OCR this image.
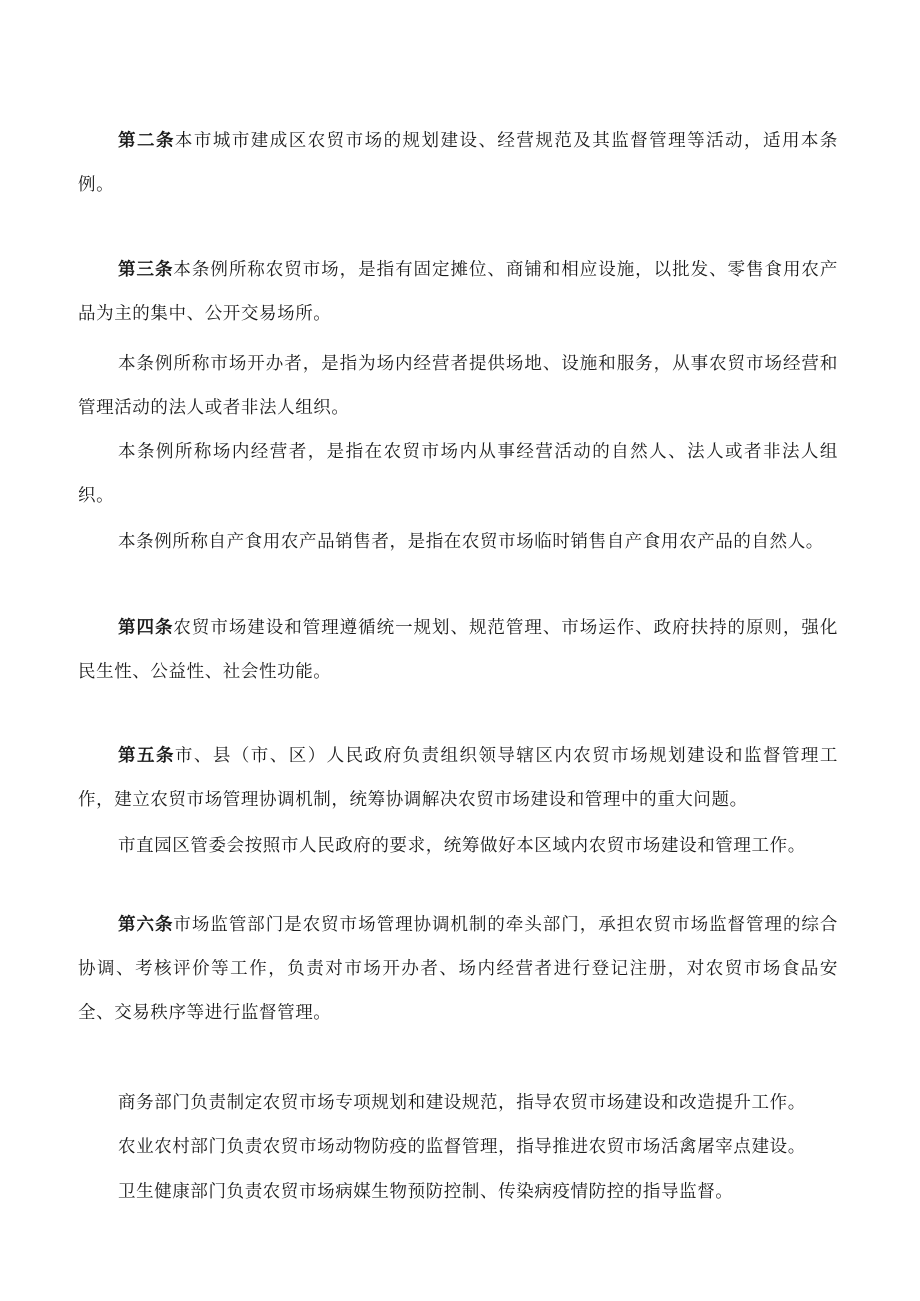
第二条本市城市建成区农贸市场的规划建设、经营规范及其监督管理等活动，适用本条例。

第三条本条例所称农贸市场，是指有固定摊位、商铺和相应设施，以批发、零售食用农产品为主的集中、公开交易场所。

本条例所称市场开办者，是指为场内经营者提供场地、设施和服务，从事农贸市场经营和管理活动的法人或者非法人组织。

本条例所称场内经营者，是指在农贸市场内从事经营活动的自然人、法人或者非法人组织。

本条例所称自产食用农产品销售者，是指在农贸市场临时销售自产食用农产品的自然人。

第四条农贸市场建设和管理遵循统一规划、规范管理、市场运作、政府扶持的原则，强化民生性、公益性、社会性功能。

第五条市、县（市、区）人民政府负责组织领导辖区内农贸市场规划建设和监督管理工作，建立农贸市场管理协调机制，统筹协调解决农贸市场建设和管理中的重大问题。

市直园区管委会按照市人民政府的要求，统筹做好本区域内农贸市场建设和管理工作。

第六条市场监管部门是农贸市场管理协调机制的牵头部门，承担农贸市场监督管理的综合协调、考核评价等工作，负责对市场开办者、场内经营者进行登记注册，对农贸市场食品安全、交易秩序等进行监督管理。

商务部门负责制定农贸市场专项规划和建设规范，指导农贸市场建设和改造提升工作。

农业农村部门负责农贸市场动物防疫的监督管理，指导推进农贸市场活禽屠宰点建设。

卫生健康部门负责农贸市场病媒生物预防控制、传染病疫情防控的指导监督。
